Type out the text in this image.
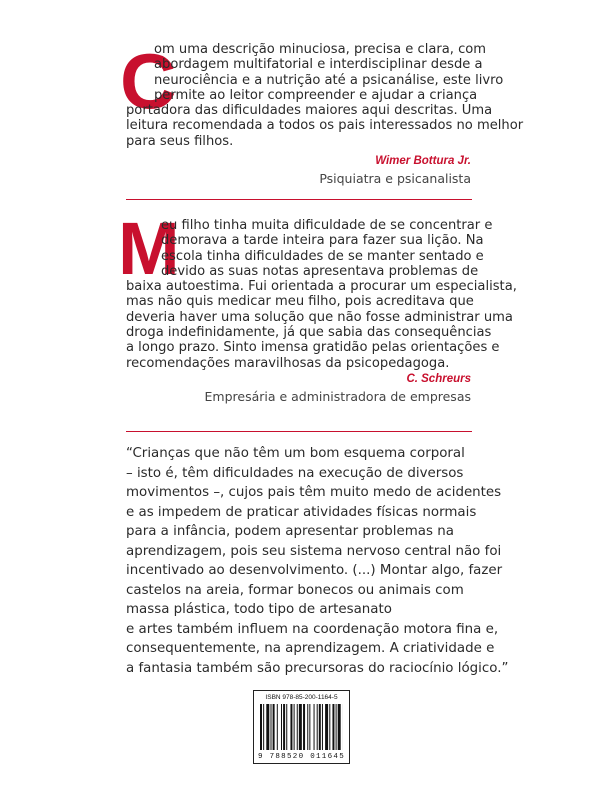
C
om uma descrição minuciosa, precisa e clara, com
abordagem multifatorial e interdisciplinar desde a
neurociência e a nutrição até a psicanálise, este livro
permite ao leitor compreender e ajudar a criança
portadora das dificuldades maiores aqui descritas. Uma
leitura recomendada a todos os pais interessados no melhor
para seus filhos.
Wimer Bottura Jr.
Psiquiatra e psicanalista
M
eu filho tinha muita dificuldade de se concentrar e
demorava a tarde inteira para fazer sua lição. Na
escola tinha dificuldades de se manter sentado e
devido as suas notas apresentava problemas de
baixa autoestima. Fui orientada a procurar um especialista,
mas não quis medicar meu filho, pois acreditava que
deveria haver uma solução que não fosse administrar uma
droga indefinidamente, já que sabia das consequências
a longo prazo. Sinto imensa gratidão pelas orientações e
recomendações maravilhosas da psicopedagoga.
C. Schreurs
Empresária e administradora de empresas
“Crianças que não têm um bom esquema corporal
– isto é, têm dificuldades na execução de diversos
movimentos –, cujos pais têm muito medo de acidentes
e as impedem de praticar atividades físicas normais
para a infância, podem apresentar problemas na
aprendizagem, pois seu sistema nervoso central não foi
incentivado ao desenvolvimento. (...) Montar algo, fazer
castelos na areia, formar bonecos ou animais com
massa plástica, todo tipo de artesanato
e artes também influem na coordenação motora fina e,
consequentemente, na aprendizagem. A criatividade e
a fantasia também são precursoras do raciocínio lógico.”
ISBN 978-85-200-1164-5
9 788520 011645
